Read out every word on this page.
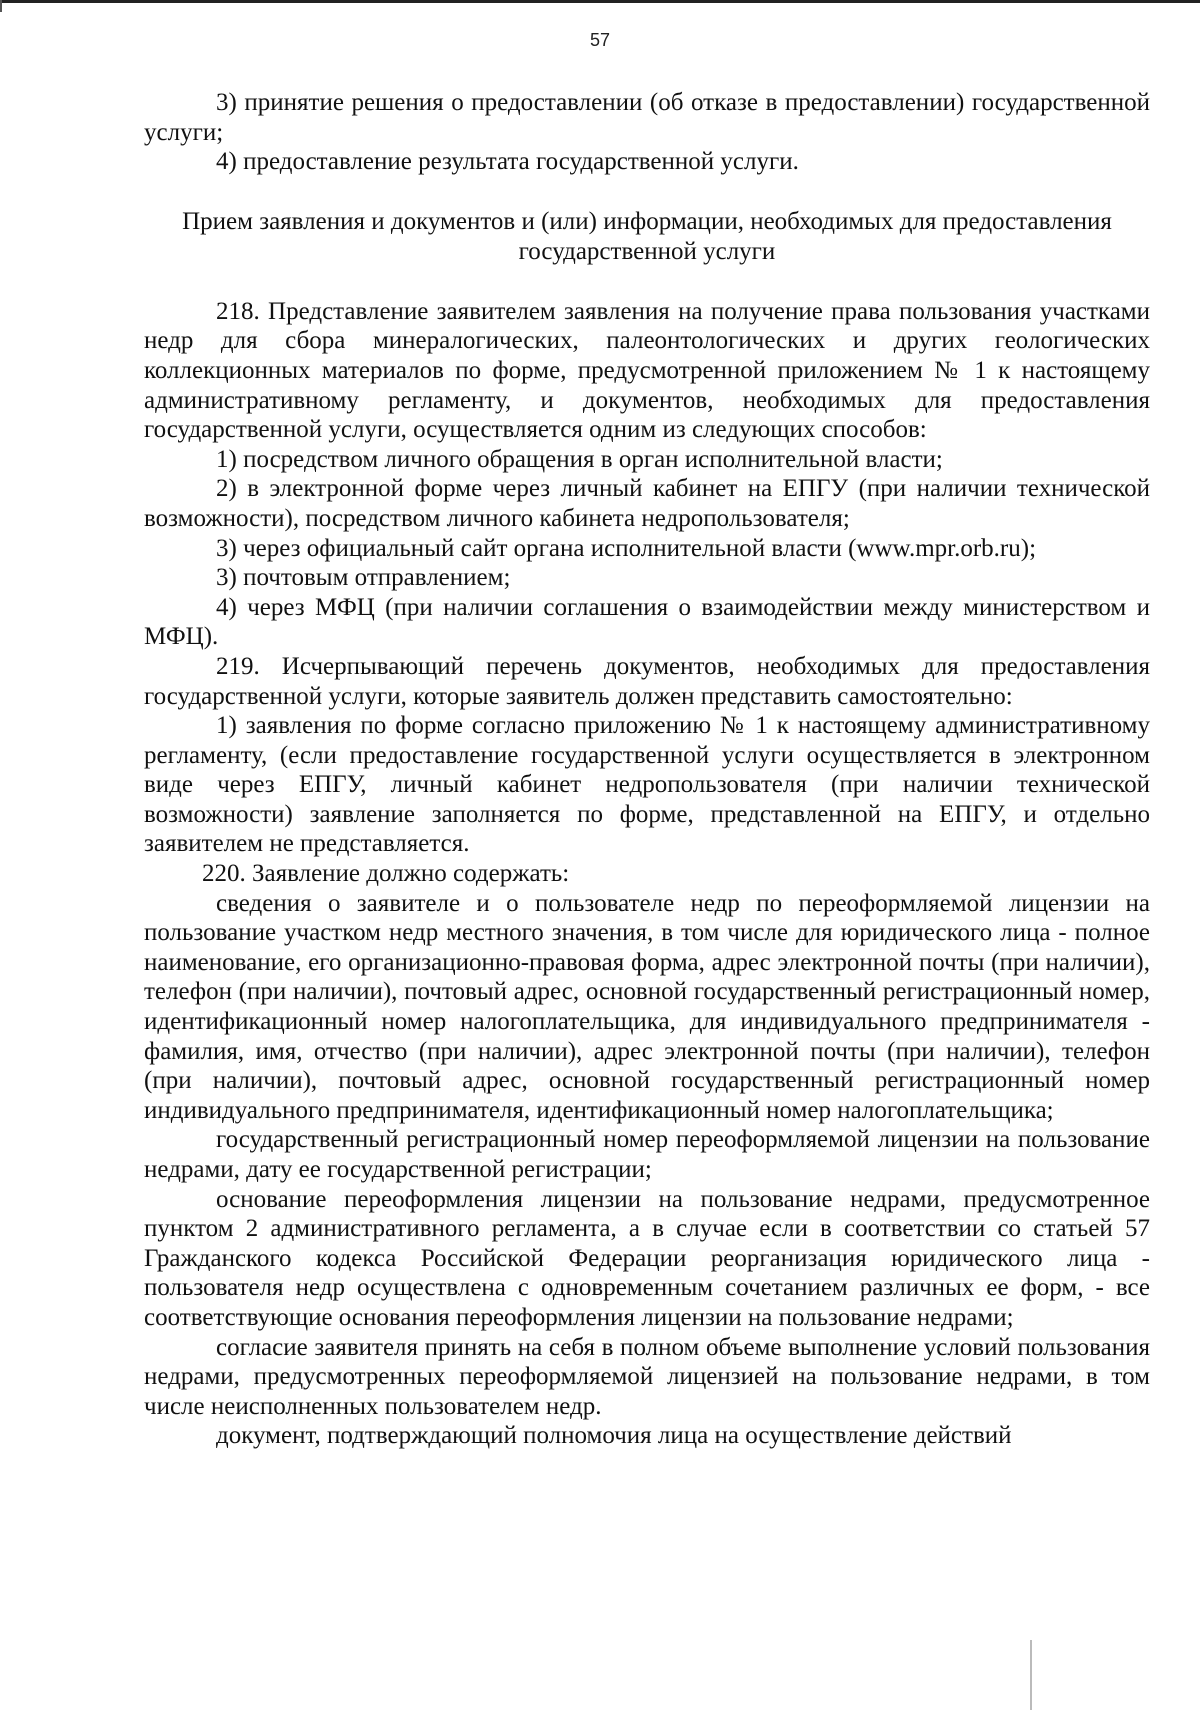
57

3) принятие решения о предоставлении (об отказе в предоставлении) государственной услуги;

4) предоставление результата государственной услуги.

Прием заявления и документов и (или) информации, необходимых для предоставления государственной услуги

218. Представление заявителем заявления на получение права пользования участками недр для сбора минералогических, палеонтологических и других геологических коллекционных материалов по форме, предусмотренной приложением № 1 к настоящему административному регламенту, и документов, необходимых для предоставления государственной услуги, осуществляется одним из следующих способов:

1) посредством личного обращения в орган исполнительной власти;

2) в электронной форме через личный кабинет на ЕПГУ (при наличии технической возможности), посредством личного кабинета недропользователя;

3) через официальный сайт органа исполнительной власти (www.mpr.orb.ru);

3) почтовым отправлением;

4) через МФЦ (при наличии соглашения о взаимодействии между министерством и МФЦ).

219. Исчерпывающий перечень документов, необходимых для предоставления государственной услуги, которые заявитель должен представить самостоятельно:

1) заявления по форме согласно приложению № 1 к настоящему административному регламенту, (если предоставление государственной услуги осуществляется в электронном виде через ЕПГУ, личный кабинет недропользователя (при наличии технической возможности) заявление заполняется по форме, представленной на ЕПГУ, и отдельно заявителем не представляется.

220. Заявление должно содержать:

сведения о заявителе и о пользователе недр по переоформляемой лицензии на пользование участком недр местного значения, в том числе для юридического лица - полное наименование, его организационно-правовая форма, адрес электронной почты (при наличии), телефон (при наличии), почтовый адрес, основной государственный регистрационный номер, идентификационный номер налогоплательщика, для индивидуального предпринимателя - фамилия, имя, отчество (при наличии), адрес электронной почты (при наличии), телефон (при наличии), почтовый адрес, основной государственный регистрационный номер индивидуального предпринимателя, идентификационный номер налогоплательщика;

государственный регистрационный номер переоформляемой лицензии на пользование недрами, дату ее государственной регистрации;

основание переоформления лицензии на пользование недрами, предусмотренное пунктом 2 административного регламента, а в случае если в соответствии со статьей 57 Гражданского кодекса Российской Федерации реорганизация юридического лица - пользователя недр осуществлена с одновременным сочетанием различных ее форм, - все соответствующие основания переоформления лицензии на пользование недрами;

согласие заявителя принять на себя в полном объеме выполнение условий пользования недрами, предусмотренных переоформляемой лицензией на пользование недрами, в том числе неисполненных пользователем недр.

документ, подтверждающий полномочия лица на осуществление действий
